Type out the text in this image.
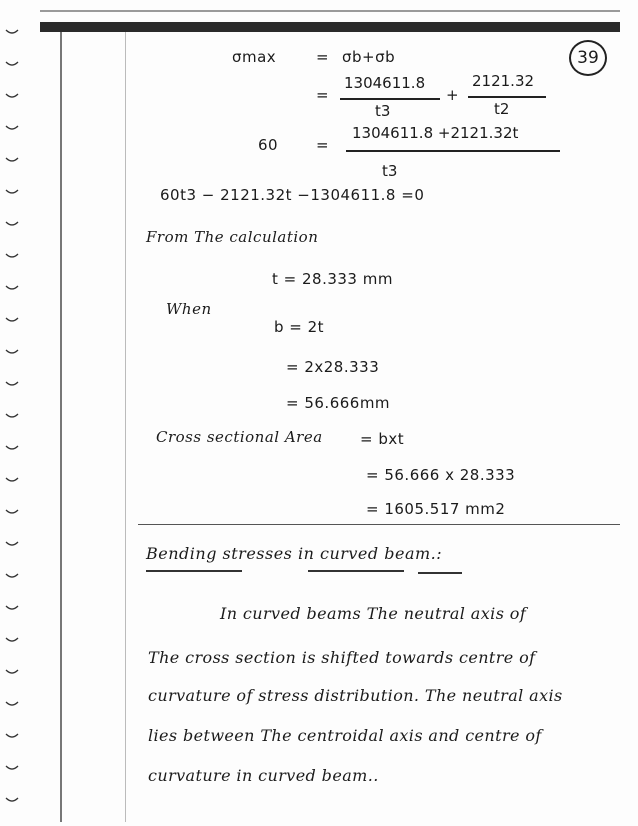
39
σmax	= σb+σb
=
1304611.8
t3
+
2121.32
t2
60	=
1304611.8 +2121.32t
t3
60t3 − 2121.32t −1304611.8 =0
From The calculation
t = 28.333 mm
When
b = 2t
= 2x28.333
= 56.666mm
Cross sectional Area = bxt
= 56.666 x 28.333
= 1605.517 mm2
Bending stresses in curved beam.:
In curved beams The neutral axis of
The cross section is shifted towards centre of
curvature of stress distribution. The neutral axis
lies between The centroidal axis and centre of
curvature in curved beam..
